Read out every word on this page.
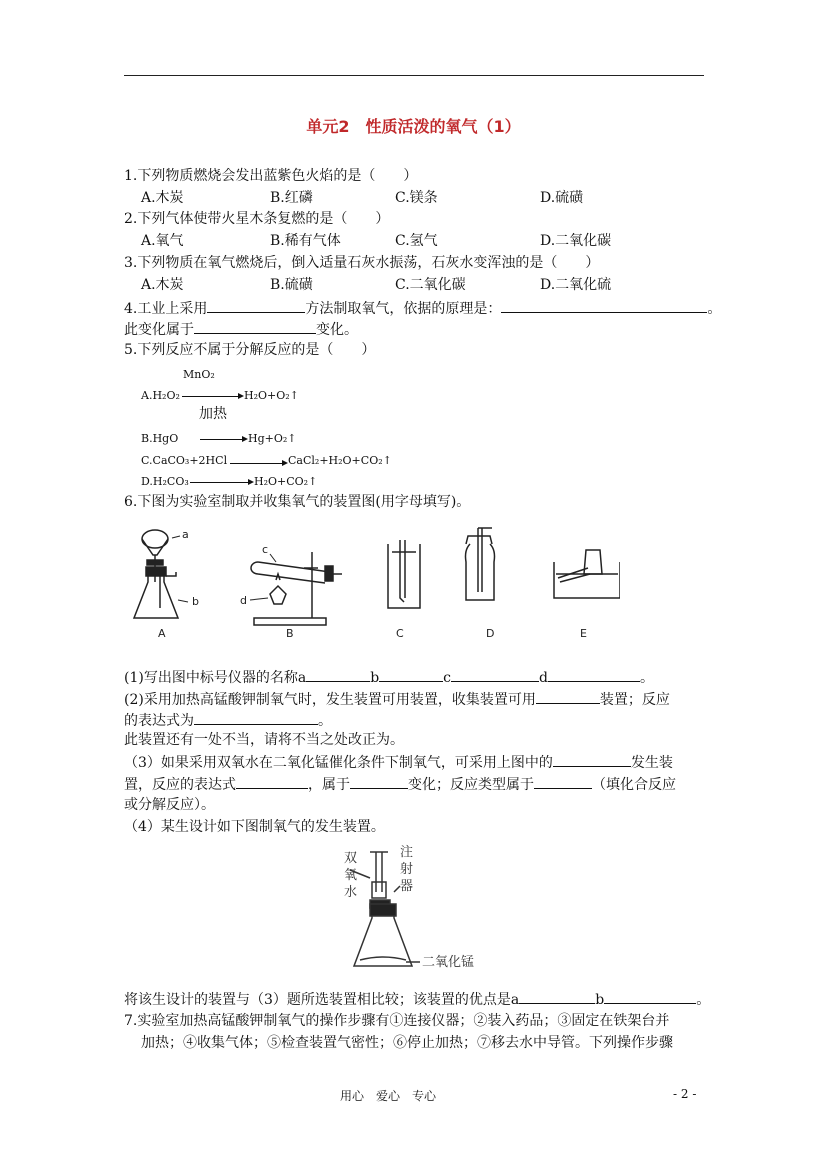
单元2　性质活泼的氧气（1）
1.下列物质燃烧会发出蓝紫色火焰的是（　　）
A.木炭	B.红磷	C.镁条	D.硫磺
2.下列气体使带火星木条复燃的是（　　）
A.氧气	B.稀有气体	C.氢气	D.二氧化碳
3.下列物质在氧气燃烧后，倒入适量石灰水振荡，石灰水变浑浊的是（　　）
A.木炭	B.硫磺	C.二氧化碳	D.二氧化硫
4.工业上采用	方法制取氧气，依据的原理是：	。
此变化属于	变化。
5.下列反应不属于分解反应的是（　　）
MnO₂
A.H₂O₂	H₂O+O₂↑
加热
B.HgO	Hg+O₂↑
C.CaCO₃+2HCl	CaCl₂+H₂O+CO₂↑
D.H₂CO₃	H₂O+CO₂↑
6.下图为实验室制取并收集氧气的装置图(用字母填写)。
a
b
c
d
A	B	C	D	E
(1)写出图中标号仪器的名称a	b	c	d	。
(2)采用加热高锰酸钾制氧气时，发生装置可用装置，收集装置可用	装置；反应
的表达式为	。
此装置还有一处不当，请将不当之处改正为。
（3）如果采用双氧水在二氧化锰催化条件下制氧气，可采用上图中的	发生装
置，反应的表达式	，属于	变化；反应类型属于	（填化合反应
或分解反应）。
（4）某生设计如下图制氧气的发生装置。
双
氧
水
注
射
器
二氧化锰
将该生设计的装置与（3）题所选装置相比较；该装置的优点是a	b	。
7.实验室加热高锰酸钾制氧气的操作步骤有①连接仪器；②装入药品；③固定在铁架台并
加热；④收集气体；⑤检查装置气密性；⑥停止加热；⑦移去水中导管。下列操作步骤
用心　爱心　专心	- 2 -
